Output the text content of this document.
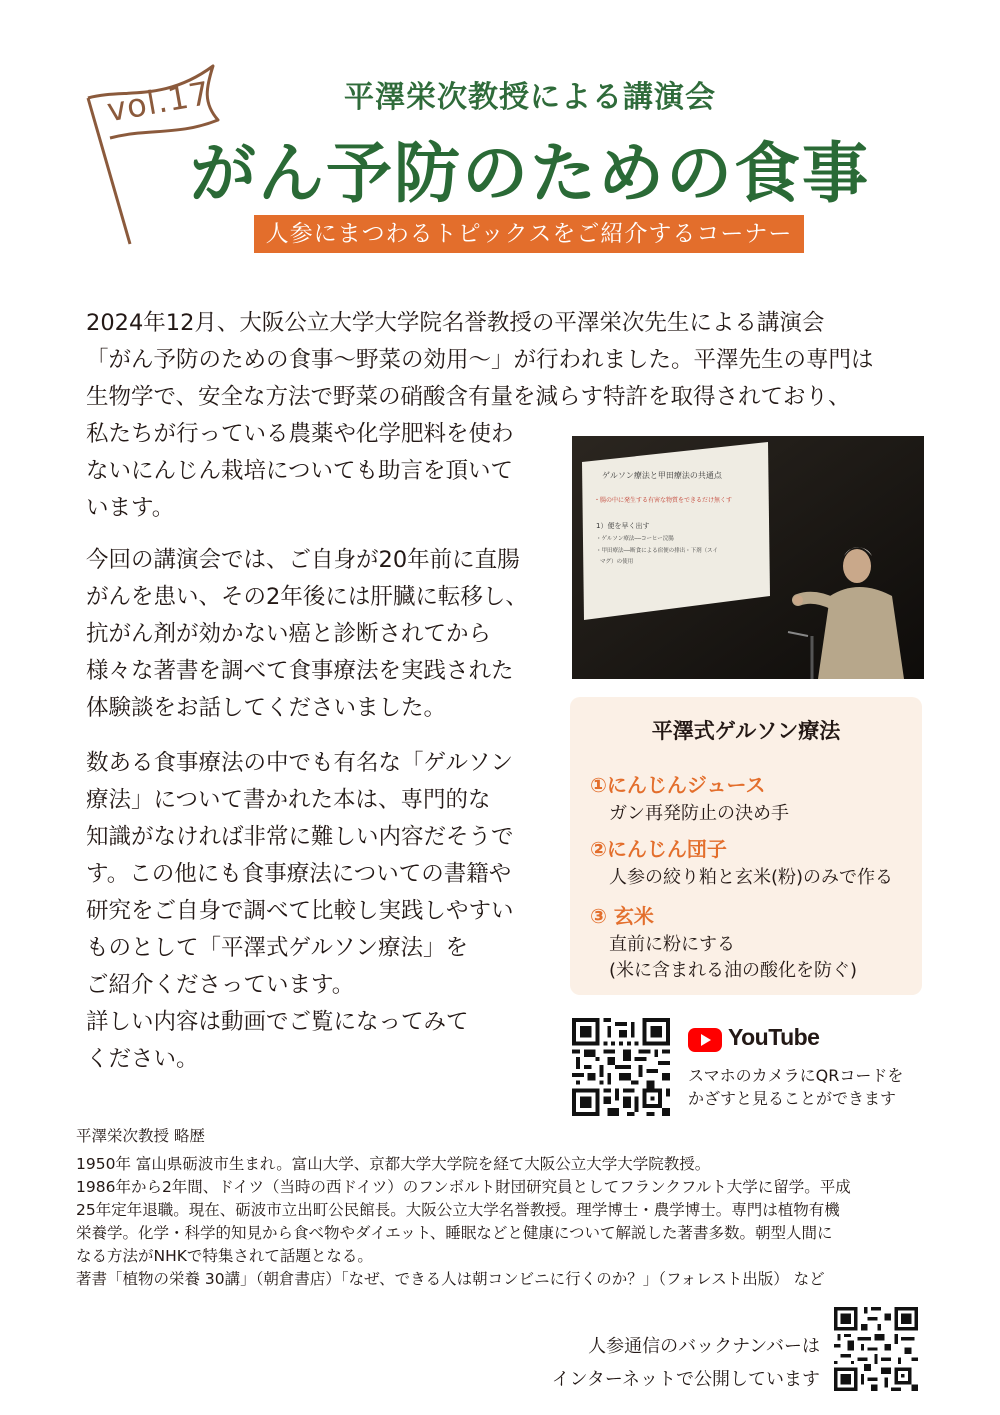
vol.17	平澤栄次教授による講演会
がん予防のための食事
人参にまつわるトピックスをご紹介するコーナー
2024年12月、大阪公立大学大学院名誉教授の平澤栄次先生による講演会
「がん予防のための食事〜野菜の効用〜」が行われました。平澤先生の専門は
生物学で、安全な方法で野菜の硝酸含有量を減らす特許を取得されており、
私たちが行っている農薬や化学肥料を使わ
ないにんじん栽培についても助言を頂いて
います。
今回の講演会では、ご自身が20年前に直腸
がんを患い、その2年後には肝臓に転移し、
抗がん剤が効かない癌と診断されてから
様々な著書を調べて食事療法を実践された
体験談をお話してくださいました。
数ある食事療法の中でも有名な「ゲルソン
療法」について書かれた本は、専門的な
知識がなければ非常に難しい内容だそうで
す。この他にも食事療法についての書籍や
研究をご自身で調べて比較し実践しやすい
ものとして「平澤式ゲルソン療法」を
ご紹介くださっています。
詳しい内容は動画でご覧になってみて
ください。
ゲルソン療法と甲田療法の共通点
・腸の中に発生する有害な物質をできるだけ無くす
1）便を早く出す
・ゲルソン療法──コーヒー浣腸
・甲田療法──断食による宿便の排出・下剤（スイ
マグ）の使用
平澤式ゲルソン療法
①にんじんジュース
ガン再発防止の決め手
②にんじん団子
人参の絞り粕と玄米(粉)のみで作る
③ 玄米
直前に粉にする
(米に含まれる油の酸化を防ぐ)
YouTube
スマホのカメラにQRコードを
かざすと見ることができます
平澤栄次教授 略歴
1950年 富山県砺波市生まれ。富山大学、京都大学大学院を経て大阪公立大学大学院教授。
1986年から2年間、ドイツ（当時の西ドイツ）のフンボルト財団研究員としてフランクフルト大学に留学。平成
25年定年退職。現在、砺波市立出町公民館長。大阪公立大学名誉教授。理学博士・農学博士。専門は植物有機
栄養学。化学・科学的知見から食べ物やダイエット、睡眠などと健康について解説した著書多数。朝型人間に
なる方法がNHKで特集されて話題となる。
著書「植物の栄養 30講」（朝倉書店）「なぜ、できる人は朝コンビニに行くのか？」（フォレスト出版） など
人参通信のバックナンバーは
インターネットで公開しています
